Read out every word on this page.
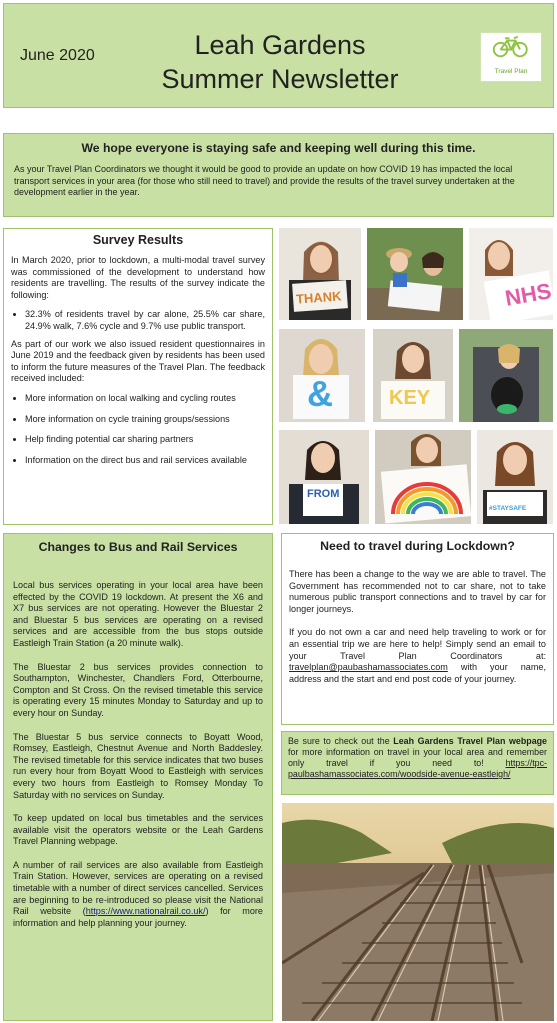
June 2020	Leah Gardens
Summer Newsletter	Travel Plan
We hope everyone is staying safe and keeping well during this time.

As your Travel Plan Coordinators we thought it would be good to provide an update on how COVID 19 has impacted the local transport services in your area (for those who still need to travel) and provide the results of the travel survey undertaken at the development earlier in the year.

Survey Results

In March 2020, prior to lockdown, a multi-modal travel survey was commissioned of the development to understand how residents are travelling. The results of the survey indicate the following:

• 32.3% of residents travel by car alone, 25.5% car share, 24.9% walk, 7.6% cycle and 9.7% use public transport.

As part of our work we also issued resident questionnaires in June 2019 and the feedback given by residents has been used to inform the future measures of the Travel Plan. The feedback received included:

• More information on local walking and cycling routes
• More information on cycle training groups/sessions
• Help finding potential car sharing partners
• Information on the direct bus and rail services available
THANK	NHS
&	KEY
FROM
#STAYSAFE
Changes to Bus and Rail Services

Local bus services operating in your local area have been effected by the COVID 19 lockdown. At present the X6 and X7 bus services are not operating. However the Bluestar 2 and Bluestar 5 bus services are operating on a revised services and are accessible from the bus stops outside Eastleigh Train Station (a 20 minute walk).

The Bluestar 2 bus services provides connection to Southampton, Winchester, Chandlers Ford, Otterbourne, Compton and St Cross. On the revised timetable this service is operating every 15 minutes Monday to Saturday and up to every hour on Sunday.

The Bluestar 5 bus service connects to Boyatt Wood, Romsey, Eastleigh, Chestnut Avenue and North Baddesley. The revised timetable for this service indicates that two buses run every hour from Boyatt Wood to Eastleigh with services every two hours from Eastleigh to Romsey Monday To Saturday with no services on Sunday.

To keep updated on local bus timetables and the services available visit the operators website or the Leah Gardens Travel Planning webpage.

A number of rail services are also available from Eastleigh Train Station. However, services are operating on a revised timetable with a number of direct services cancelled. Services are beginning to be re-introduced so please visit the National Rail website (https://www.nationalrail.co.uk/) for more information and help planning your journey.

Need to travel during Lockdown?

There has been a change to the way we are able to travel. The Government has recommended not to car share, not to take numerous public transport connections and to travel by car for longer journeys.

If you do not own a car and need help traveling to work or for an essential trip we are here to help! Simply send an email to your Travel Plan Coordinators at: travelplan@paubashamassociates.com with your name, address and the start and end post code of your journey.

Be sure to check out the Leah Gardens Travel Plan webpage for more information on travel in your local area and remember only travel if you need to! https://tpc-paulbashamassociates.com/woodside-avenue-eastleigh/
